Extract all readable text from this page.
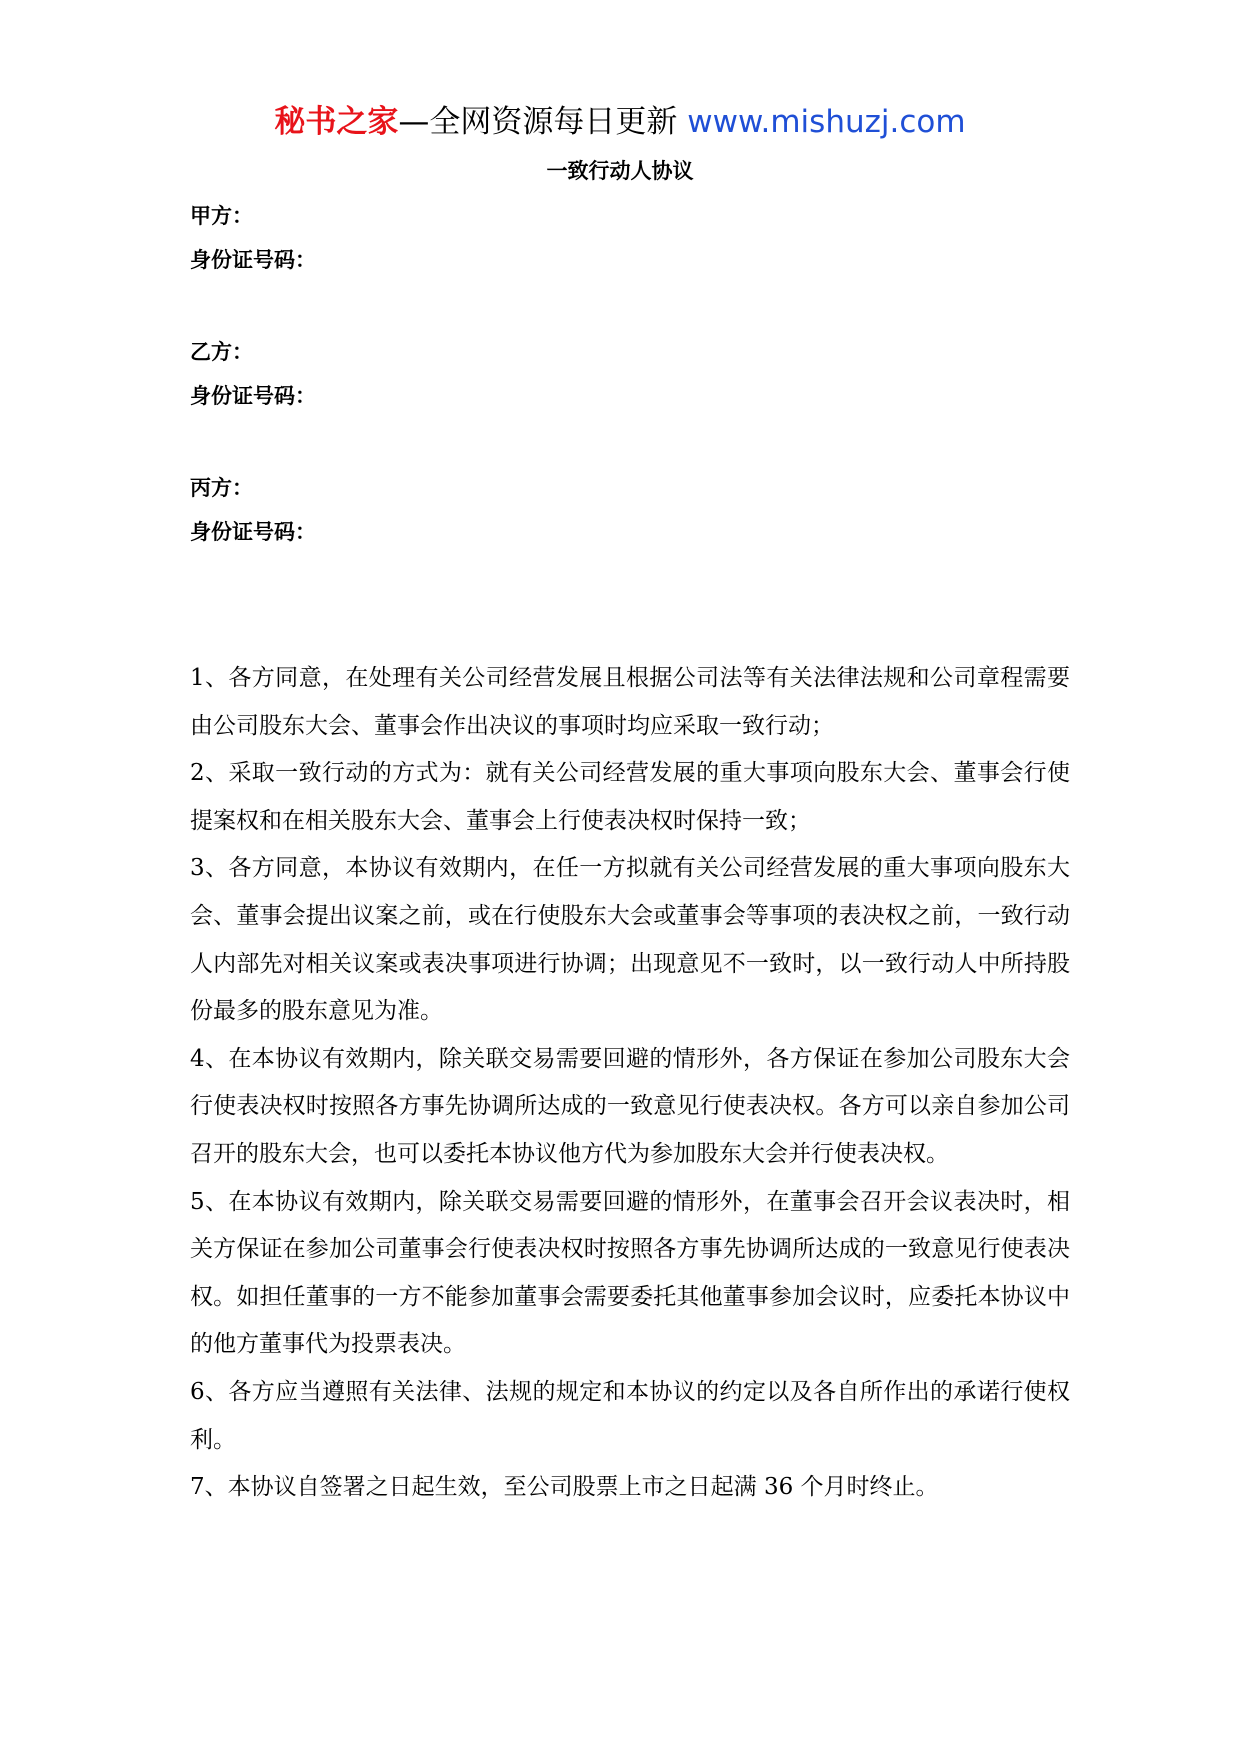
秘书之家—全网资源每日更新 www.mishuzj.com
一致行动人协议
甲方：
身份证号码：
乙方：
身份证号码：
丙方：
身份证号码：

1、各方同意，在处理有关公司经营发展且根据公司法等有关法律法规和公司章程需要由公司股东大会、董事会作出决议的事项时均应采取一致行动；

2、采取一致行动的方式为：就有关公司经营发展的重大事项向股东大会、董事会行使提案权和在相关股东大会、董事会上行使表决权时保持一致；

3、各方同意，本协议有效期内，在任一方拟就有关公司经营发展的重大事项向股东大会、董事会提出议案之前，或在行使股东大会或董事会等事项的表决权之前，一致行动人内部先对相关议案或表决事项进行协调；出现意见不一致时，以一致行动人中所持股份最多的股东意见为准。

4、在本协议有效期内，除关联交易需要回避的情形外，各方保证在参加公司股东大会行使表决权时按照各方事先协调所达成的一致意见行使表决权。各方可以亲自参加公司召开的股东大会，也可以委托本协议他方代为参加股东大会并行使表决权。

5、在本协议有效期内，除关联交易需要回避的情形外，在董事会召开会议表决时，相关方保证在参加公司董事会行使表决权时按照各方事先协调所达成的一致意见行使表决权。如担任董事的一方不能参加董事会需要委托其他董事参加会议时，应委托本协议中的他方董事代为投票表决。

6、各方应当遵照有关法律、法规的规定和本协议的约定以及各自所作出的承诺行使权利。

7、本协议自签署之日起生效，至公司股票上市之日起满 36 个月时终止。
